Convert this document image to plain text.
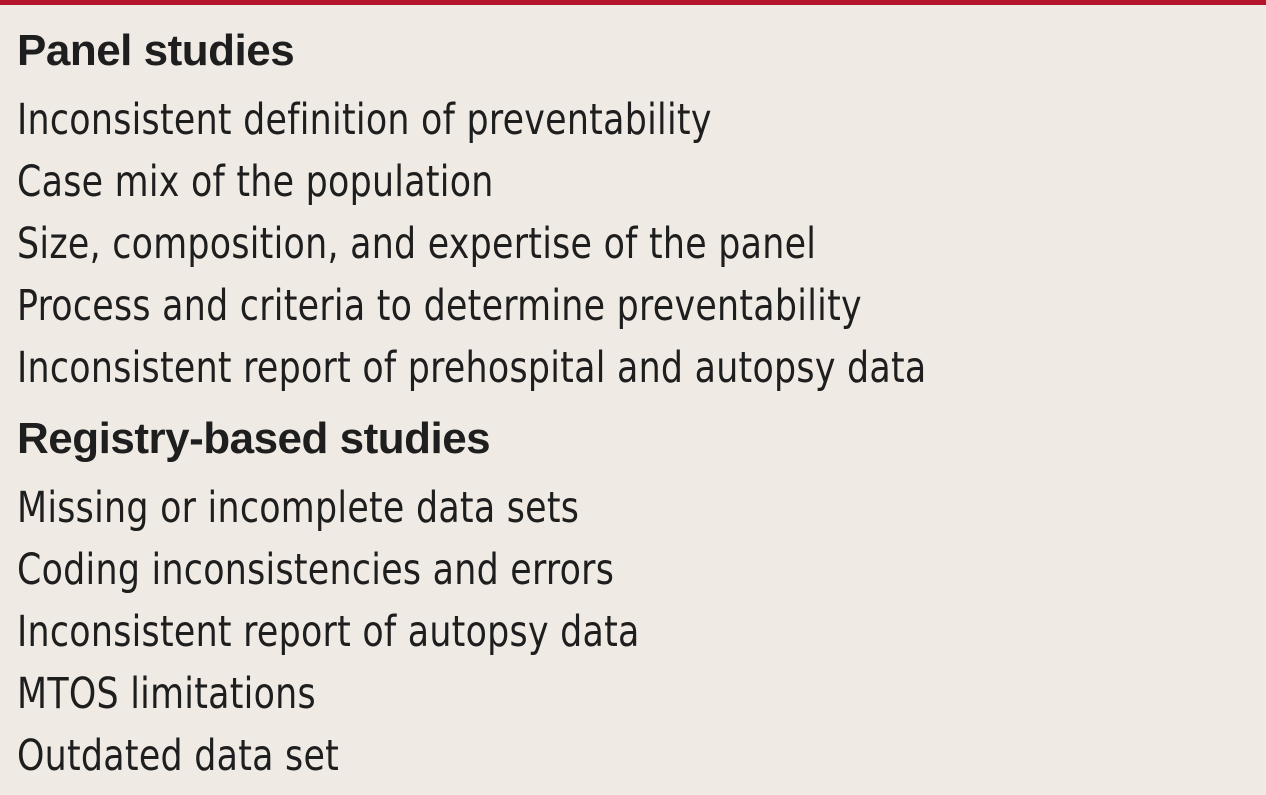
Panel studies
Inconsistent definition of preventability
Case mix of the population
Size, composition, and expertise of the panel
Process and criteria to determine preventability
Inconsistent report of prehospital and autopsy data
Registry-based studies
Missing or incomplete data sets
Coding inconsistencies and errors
Inconsistent report of autopsy data
MTOS limitations
Outdated data set
